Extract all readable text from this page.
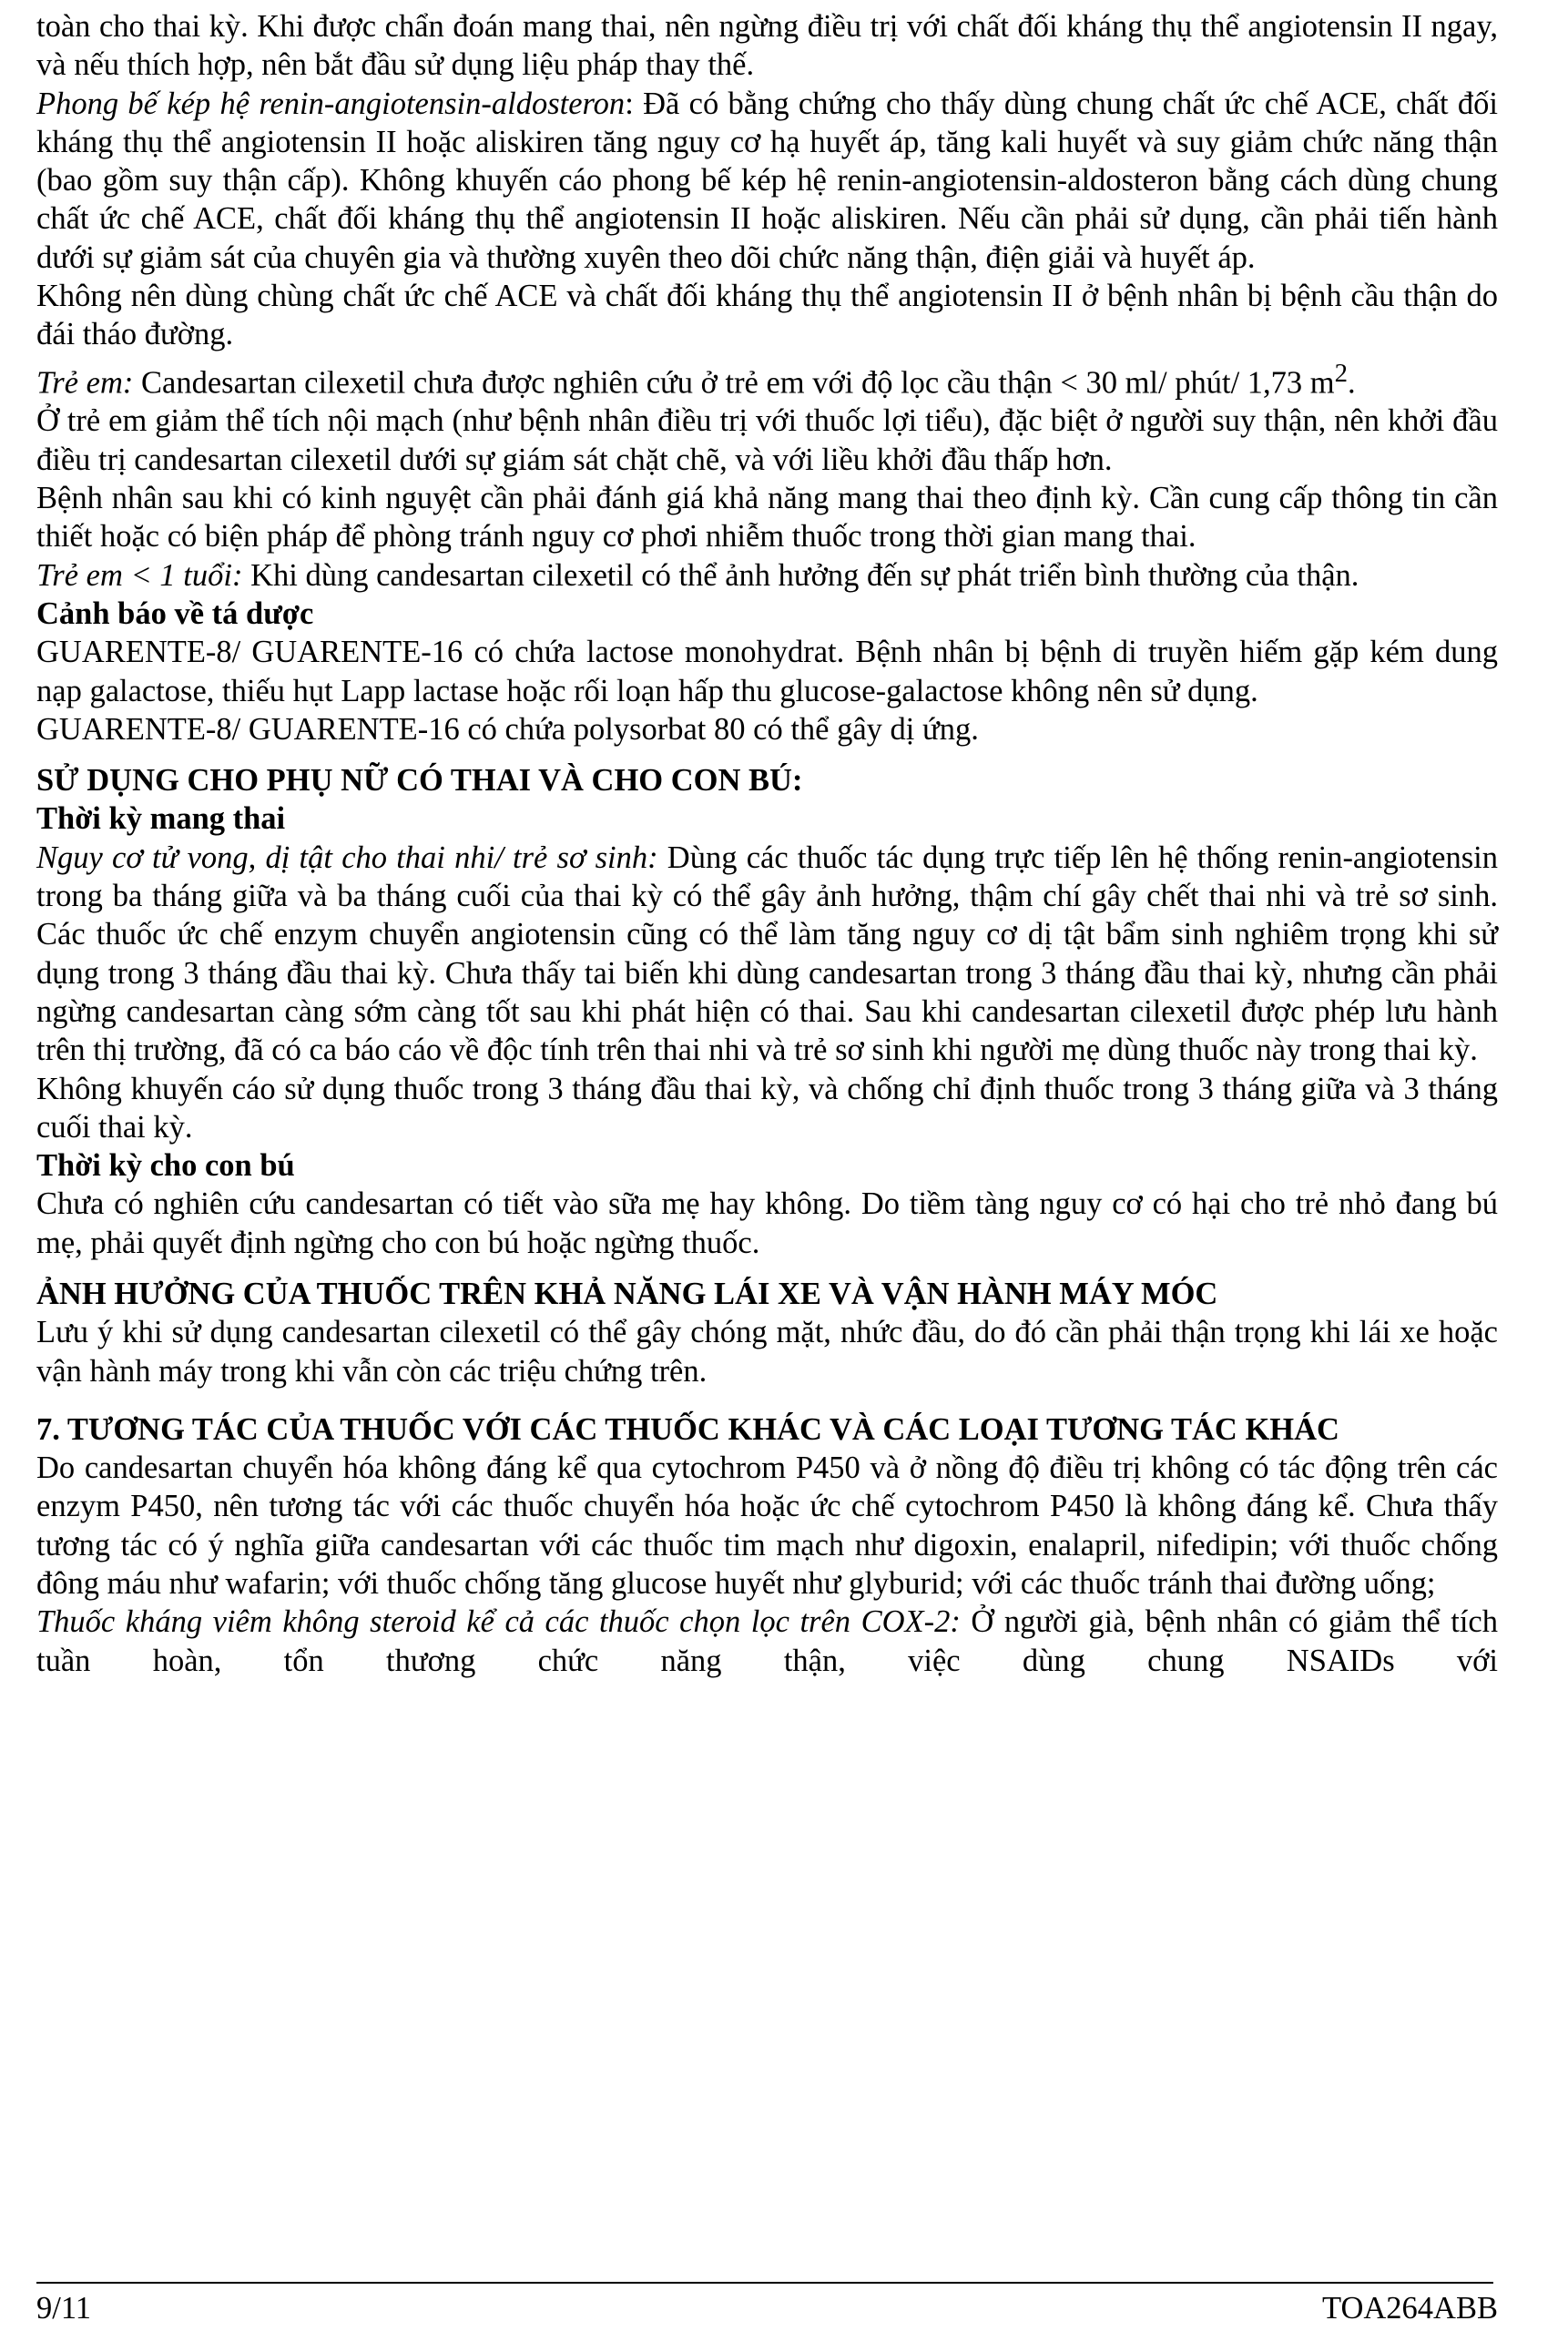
toàn cho thai kỳ. Khi được chẩn đoán mang thai, nên ngừng điều trị với chất đối kháng thụ thể angiotensin II ngay, và nếu thích hợp, nên bắt đầu sử dụng liệu pháp thay thế.

Phong bế kép hệ renin-angiotensin-aldosteron: Đã có bằng chứng cho thấy dùng chung chất ức chế ACE, chất đối kháng thụ thể angiotensin II hoặc aliskiren tăng nguy cơ hạ huyết áp, tăng kali huyết và suy giảm chức năng thận (bao gồm suy thận cấp). Không khuyến cáo phong bế kép hệ renin-angiotensin-aldosteron bằng cách dùng chung chất ức chế ACE, chất đối kháng thụ thể angiotensin II hoặc aliskiren. Nếu cần phải sử dụng, cần phải tiến hành dưới sự giảm sát của chuyên gia và thường xuyên theo dõi chức năng thận, điện giải và huyết áp.

Không nên dùng chùng chất ức chế ACE và chất đối kháng thụ thể angiotensin II ở bệnh nhân bị bệnh cầu thận do đái tháo đường.

Trẻ em: Candesartan cilexetil chưa được nghiên cứu ở trẻ em với độ lọc cầu thận < 30 ml/ phút/ 1,73 $m^2$.

Ở trẻ em giảm thể tích nội mạch (như bệnh nhân điều trị với thuốc lợi tiểu), đặc biệt ở người suy thận, nên khởi đầu điều trị candesartan cilexetil dưới sự giám sát chặt chẽ, và với liều khởi đầu thấp hơn.

Bệnh nhân sau khi có kinh nguyệt cần phải đánh giá khả năng mang thai theo định kỳ. Cần cung cấp thông tin cần thiết hoặc có biện pháp để phòng tránh nguy cơ phơi nhiễm thuốc trong thời gian mang thai.

Trẻ em < 1 tuổi: Khi dùng candesartan cilexetil có thể ảnh hưởng đến sự phát triển bình thường của thận.

Cảnh báo về tá dược

GUARENTE-8/ GUARENTE-16 có chứa lactose monohydrat. Bệnh nhân bị bệnh di truyền hiếm gặp kém dung nạp galactose, thiếu hụt Lapp lactase hoặc rối loạn hấp thu glucose-galactose không nên sử dụng.

GUARENTE-8/ GUARENTE-16 có chứa polysorbat 80 có thể gây dị ứng.

SỬ DỤNG CHO PHỤ NỮ CÓ THAI VÀ CHO CON BÚ:
Thời kỳ mang thai

Nguy cơ tử vong, dị tật cho thai nhi/ trẻ sơ sinh: Dùng các thuốc tác dụng trực tiếp lên hệ thống renin-angiotensin trong ba tháng giữa và ba tháng cuối của thai kỳ có thể gây ảnh hưởng, thậm chí gây chết thai nhi và trẻ sơ sinh. Các thuốc ức chế enzym chuyển angiotensin cũng có thể làm tăng nguy cơ dị tật bẩm sinh nghiêm trọng khi sử dụng trong 3 tháng đầu thai kỳ. Chưa thấy tai biến khi dùng candesartan trong 3 tháng đầu thai kỳ, nhưng cần phải ngừng candesartan càng sớm càng tốt sau khi phát hiện có thai. Sau khi candesartan cilexetil được phép lưu hành trên thị trường, đã có ca báo cáo về độc tính trên thai nhi và trẻ sơ sinh khi người mẹ dùng thuốc này trong thai kỳ.

Không khuyến cáo sử dụng thuốc trong 3 tháng đầu thai kỳ, và chống chỉ định thuốc trong 3 tháng giữa và 3 tháng cuối thai kỳ.

Thời kỳ cho con bú

Chưa có nghiên cứu candesartan có tiết vào sữa mẹ hay không. Do tiềm tàng nguy cơ có hại cho trẻ nhỏ đang bú mẹ, phải quyết định ngừng cho con bú hoặc ngừng thuốc.

ẢNH HƯỞNG CỦA THUỐC TRÊN KHẢ NĂNG LÁI XE VÀ VẬN HÀNH MÁY MÓC

Lưu ý khi sử dụng candesartan cilexetil có thể gây chóng mặt, nhức đầu, do đó cần phải thận trọng khi lái xe hoặc vận hành máy trong khi vẫn còn các triệu chứng trên.

7. TƯƠNG TÁC CỦA THUỐC VỚI CÁC THUỐC KHÁC VÀ CÁC LOẠI TƯƠNG TÁC KHÁC

Do candesartan chuyển hóa không đáng kể qua cytochrom P450 và ở nồng độ điều trị không có tác động trên các enzym P450, nên tương tác với các thuốc chuyển hóa hoặc ức chế cytochrom P450 là không đáng kể. Chưa thấy tương tác có ý nghĩa giữa candesartan với các thuốc tim mạch như digoxin, enalapril, nifedipin; với thuốc chống đông máu như wafarin; với thuốc chống tăng glucose huyết như glyburid; với các thuốc tránh thai đường uống;

Thuốc kháng viêm không steroid kể cả các thuốc chọn lọc trên COX-2: Ở người già, bệnh nhân có giảm thể tích tuần hoàn, tổn thương chức năng thận, việc dùng chung NSAIDs với

9/11	TOA264ABB
